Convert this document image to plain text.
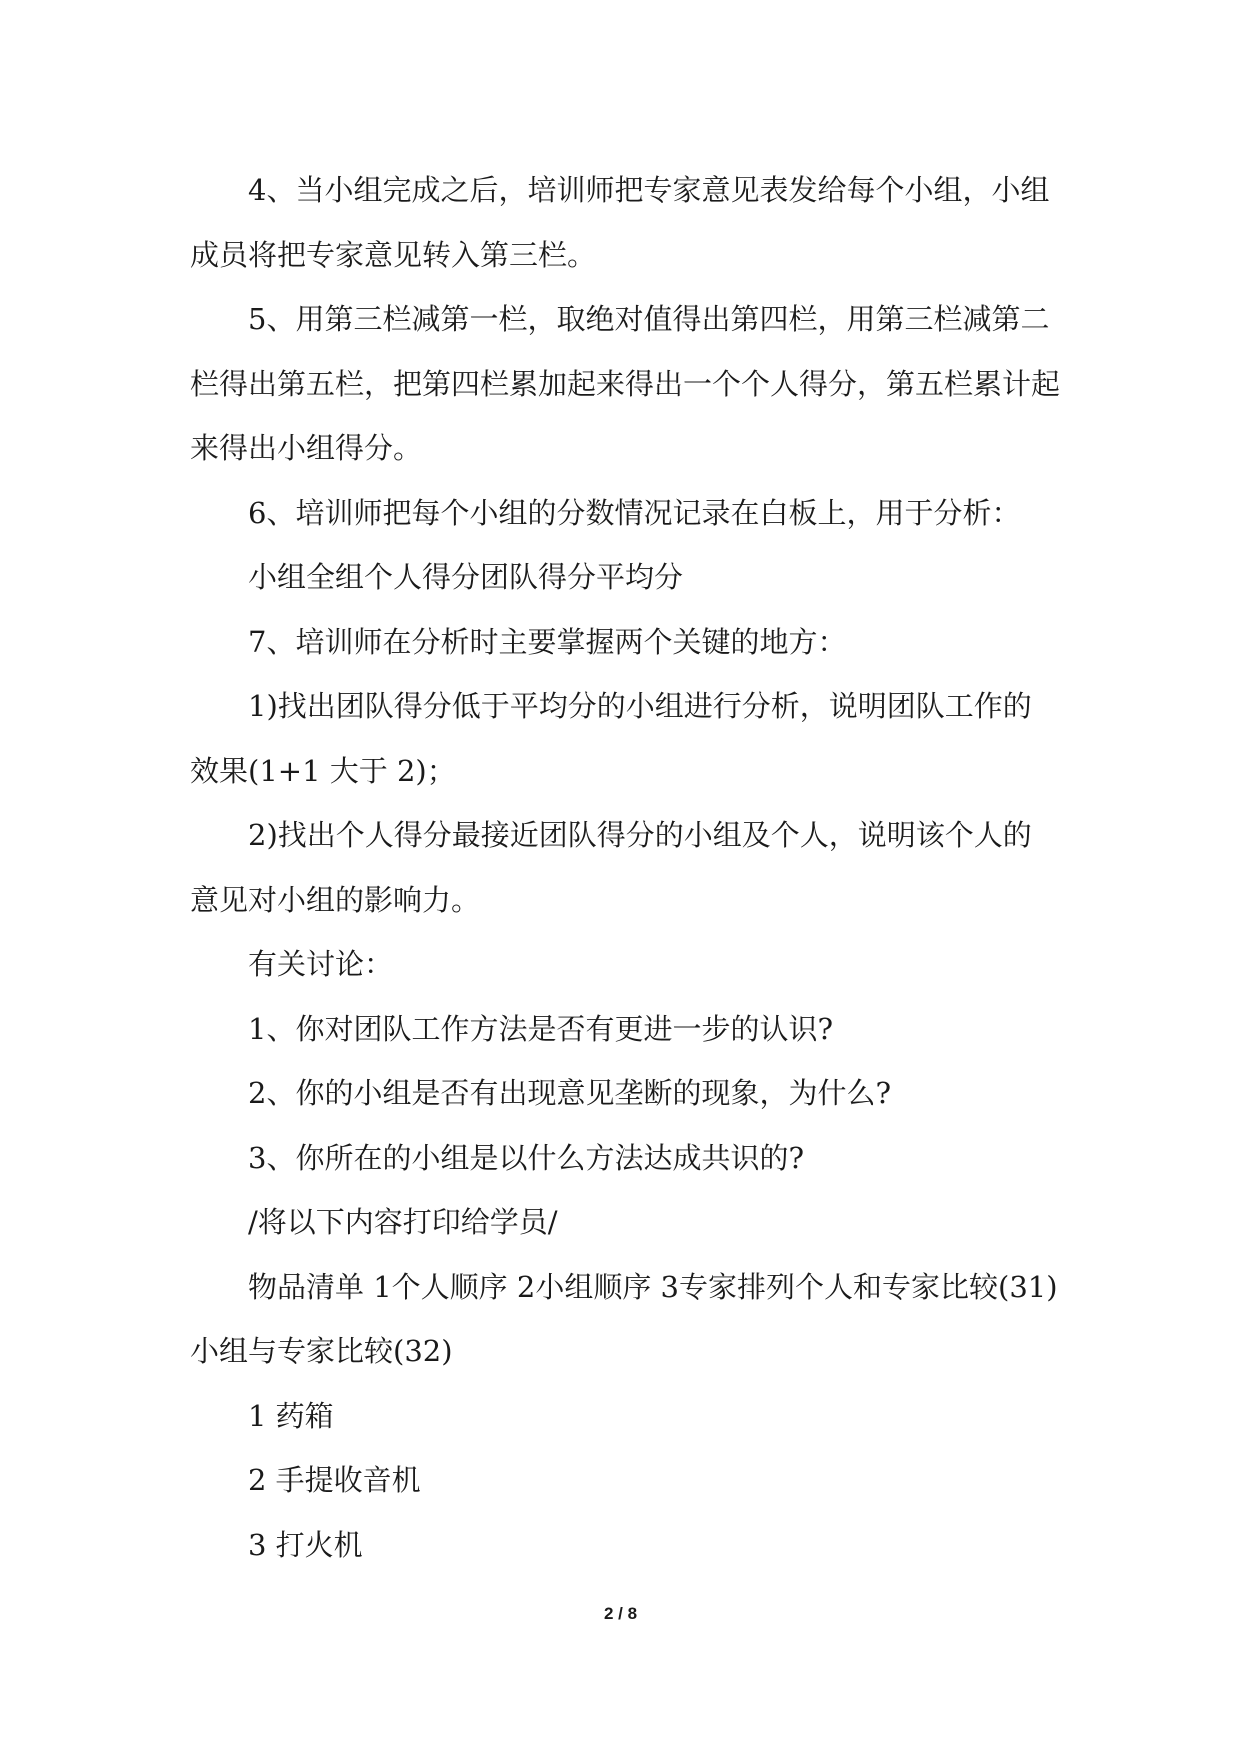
4、当小组完成之后，培训师把专家意见表发给每个小组，小组成员将把专家意见转入第三栏。

5、用第三栏减第一栏，取绝对值得出第四栏，用第三栏减第二栏得出第五栏，把第四栏累加起来得出一个个人得分，第五栏累计起来得出小组得分。

6、培训师把每个小组的分数情况记录在白板上，用于分析：

小组全组个人得分团队得分平均分

7、培训师在分析时主要掌握两个关键的地方：

1)找出团队得分低于平均分的小组进行分析，说明团队工作的效果(1+1 大于 2)；

2)找出个人得分最接近团队得分的小组及个人，说明该个人的意见对小组的影响力。

有关讨论：

1、你对团队工作方法是否有更进一步的认识?

2、你的小组是否有出现意见垄断的现象，为什么?

3、你所在的小组是以什么方法达成共识的?

/将以下内容打印给学员/

物品清单 1个人顺序 2小组顺序 3专家排列个人和专家比较(31)小组与专家比较(32)

1 药箱

2 手提收音机

3 打火机

2 / 8
